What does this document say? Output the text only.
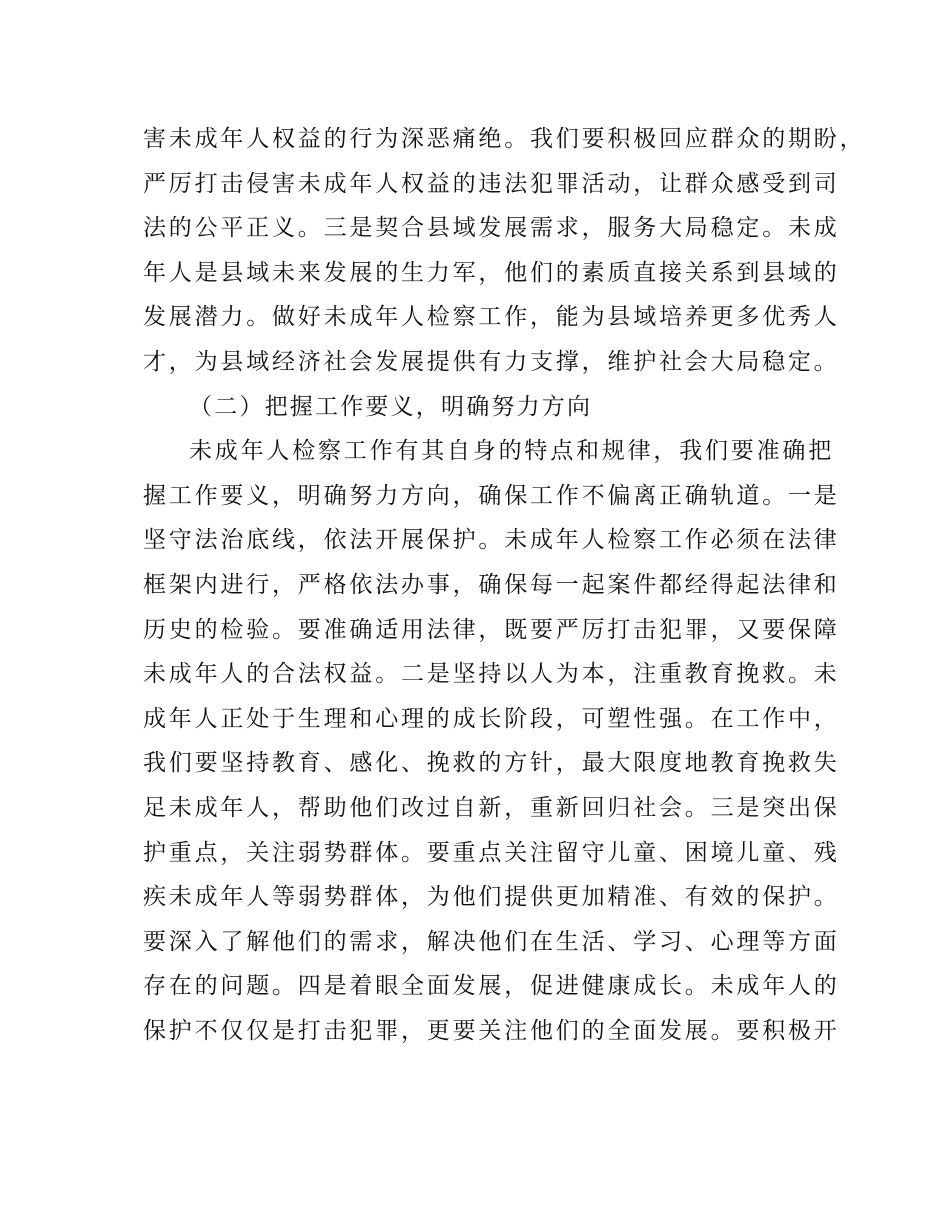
害未成年人权益的行为深恶痛绝。我们要积极回应群众的期盼，
严厉打击侵害未成年人权益的违法犯罪活动，让群众感受到司
法的公平正义。三是契合县域发展需求，服务大局稳定。未成
年人是县域未来发展的生力军，他们的素质直接关系到县域的
发展潜力。做好未成年人检察工作，能为县域培养更多优秀人
才，为县域经济社会发展提供有力支撑，维护社会大局稳定。
（二）把握工作要义，明确努力方向
未成年人检察工作有其自身的特点和规律，我们要准确把
握工作要义，明确努力方向，确保工作不偏离正确轨道。一是
坚守法治底线，依法开展保护。未成年人检察工作必须在法律
框架内进行，严格依法办事，确保每一起案件都经得起法律和
历史的检验。要准确适用法律，既要严厉打击犯罪，又要保障
未成年人的合法权益。二是坚持以人为本，注重教育挽救。未
成年人正处于生理和心理的成长阶段，可塑性强。在工作中，
我们要坚持教育、感化、挽救的方针，最大限度地教育挽救失
足未成年人，帮助他们改过自新，重新回归社会。三是突出保
护重点，关注弱势群体。要重点关注留守儿童、困境儿童、残
疾未成年人等弱势群体，为他们提供更加精准、有效的保护。
要深入了解他们的需求，解决他们在生活、学习、心理等方面
存在的问题。四是着眼全面发展，促进健康成长。未成年人的
保护不仅仅是打击犯罪，更要关注他们的全面发展。要积极开
